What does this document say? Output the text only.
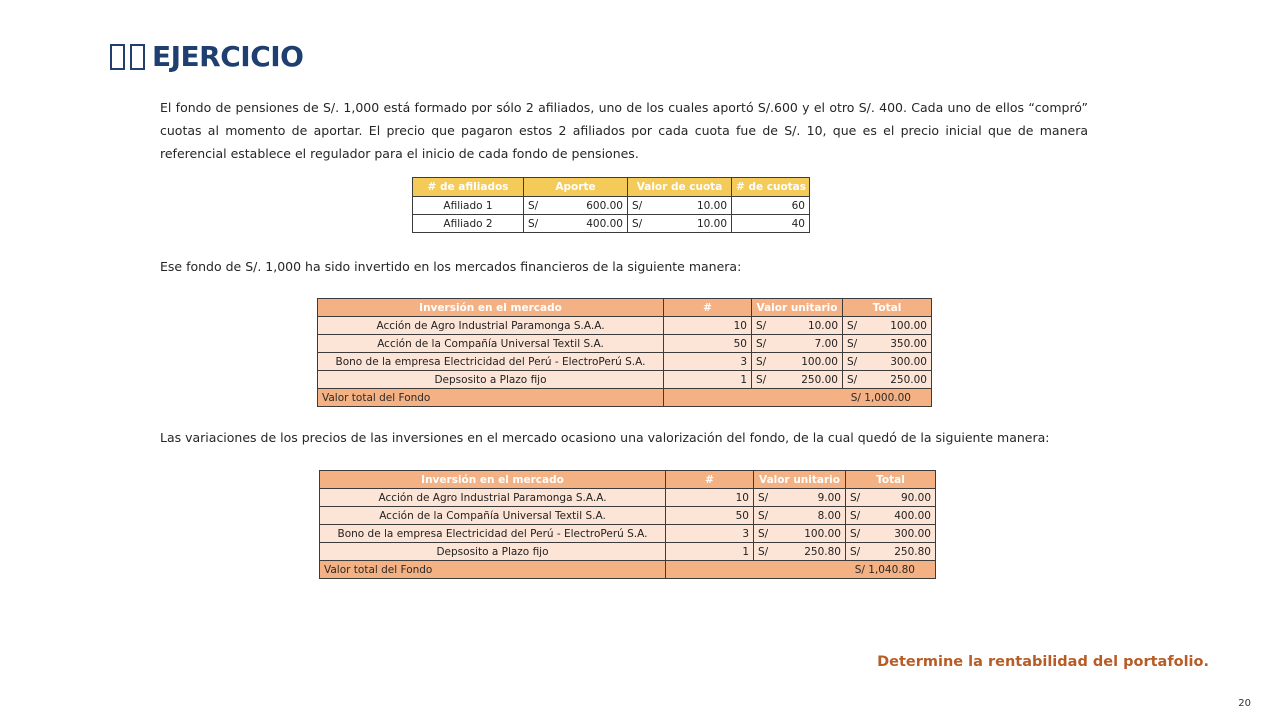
EJERCICIO
El fondo de pensiones de S/. 1,000 está formado por sólo 2 afiliados, uno de los cuales aportó S/.600 y el otro S/. 400. Cada uno de ellos “compró” cuotas al momento de aportar. El precio que pagaron estos 2 afiliados por cada cuota fue de S/. 10, que es el precio inicial que de manera referencial establece el regulador para el inicio de cada fondo de pensiones.
# de afiliados	Aporte	Valor de cuota	# de cuotas
Afiliado 1	S/ 600.00	S/ 10.00	60
Afiliado 2	S/ 400.00	S/ 10.00	40
Ese fondo de S/. 1,000 ha sido invertido en los mercados financieros de la siguiente manera:
Inversión en el mercado	#	Valor unitario	Total
Acción de Agro Industrial Paramonga S.A.A.	10	S/ 10.00	S/ 100.00

Acción de la Compañía Universal Textil S.A.	50	S/ 7.00	S/ 350.00

Bono de la empresa Electricidad del Perú - ElectroPerú S.A.	3	S/ 100.00	S/ 300.00

Depsosito a Plazo fijo	1	S/ 250.00	S/ 250.00

Valor total del Fondo	S/ 1,000.00		
Las variaciones de los precios de las inversiones en el mercado ocasiono una valorización del fondo, de la cual quedó de la siguiente manera:
Inversión en el mercado	#	Valor unitario	Total
Acción de Agro Industrial Paramonga S.A.A.	10	S/ 9.00	S/ 90.00

Acción de la Compañía Universal Textil S.A.	50	S/ 8.00	S/ 400.00

Bono de la empresa Electricidad del Perú - ElectroPerú S.A.	3	S/ 100.00	S/ 300.00

Depsosito a Plazo fijo	1	S/ 250.80	S/ 250.80

Valor total del Fondo	S/ 1,040.80		
Determine la rentabilidad del portafolio.
20
